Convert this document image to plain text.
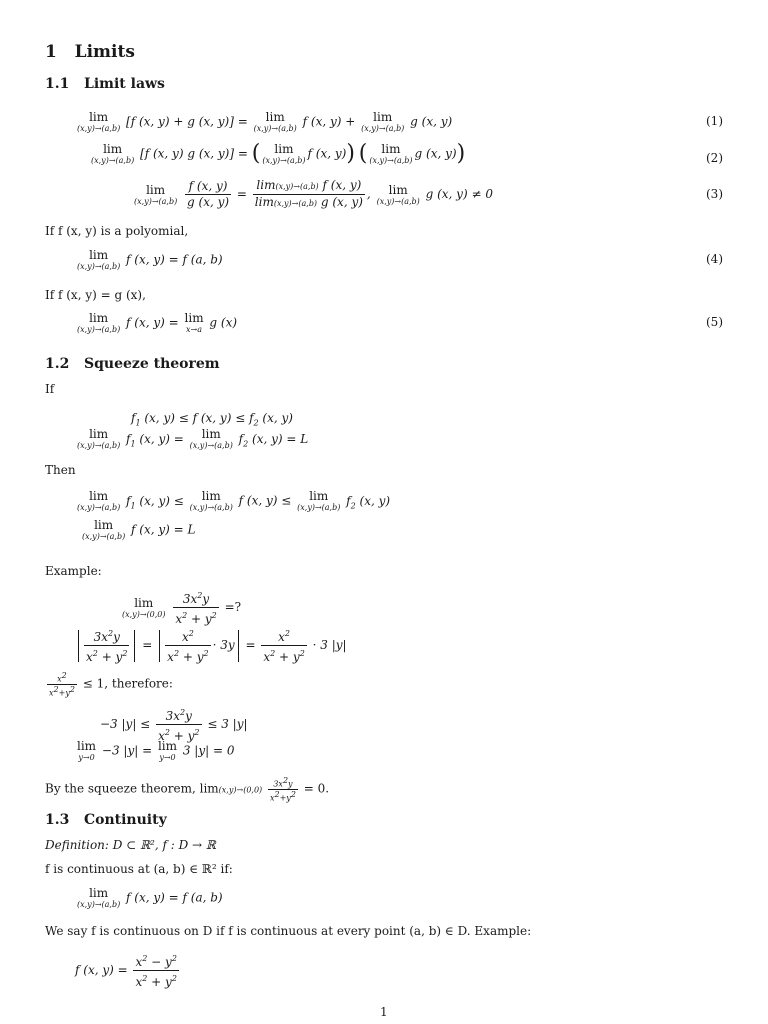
1 Limits
1.1 Limit laws
lim
(x,y)→(a,b) [f (x, y) + g (x, y)] =	lim
(x,y)→(a,b) f (x, y) +	lim
(x,y)→(a,b) g (x, y)	(1)
lim
(x,y)→(a,b) [f (x, y) g (x, y)] = (	lim
(x,y)→(a,b) f (x, y)) (	lim
(x,y)→(a,b) g (x, y))	(2)
lim
(x,y)→(a,b)
$\frac{f (x, y)}{g (x, y)} = \frac{\lim(x,y)\to(a,b) f (x, y)}{\lim(x,y)\to(a,b) g (x, y)}$ ,	lim
(x,y)→(a,b) g (x, y) ≠ 0	(3)
If f (x, y) is a polyomial,
lim
(x,y)→(a,b) f (x, y) = f (a, b)	(4)
If f (x, y) = g (x),
lim
(x,y)→(a,b) f (x, y) = lim
x→a g (x)	(5)
1.2 Squeeze theorem
If
$f_1$ (x, y) ≤ f (x, $y) \le f_2$ (x, y)
lim
(x,y)→(a,b) $f_1$ (x, y) =	lim
(x,y)→(a,b) $f_2$ (x, y) = L
Then
lim
(x,y)→(a,b) $f_1$ (x, y) ≤	lim
(x,y)→(a,b) f (x, y) ≤	lim
(x,y)→(a,b) $f_2$ (x, y)
lim
(x,y)→(a,b) f (x, y) = L
Example:
lim
(x,y)→(0,0)
$\frac{3x^2y}{x^2 + y^2}$ =?
$\frac{3x^2y}{x^2 + y^2} = \frac{x^2}{x^2 + y^2} \cdot 3y = \frac{x^2}{x^2 + y^2} \cdot 3$ |y|
$\frac{x^2}{x^2+y^2} \le 1$, therefore:
−3 $|y| \le \frac{3x^2y}{x^2 + y^2} \le 3$ |y|
lim
y→0 −3 |y| = lim
y→0 3 |y| = 0
By the squeeze theorem, $\lim(x,y)\to(0,0) \frac{3x^2y}{x^2+y^2} = 0$.
1.3 Continuity
Definition: D ⊂ ℝ², f : D → ℝ
f is continuous at (a, b) ∈ ℝ² if:
lim
(x,y)→(a,b) f (x, y) = f (a, b)
We say f is continuous on D if f is continuous at every point (a, b) ∈ D. Example:
f (x, $y) = \frac{x^2 - y^2}{x^2 + y^2}$
1
